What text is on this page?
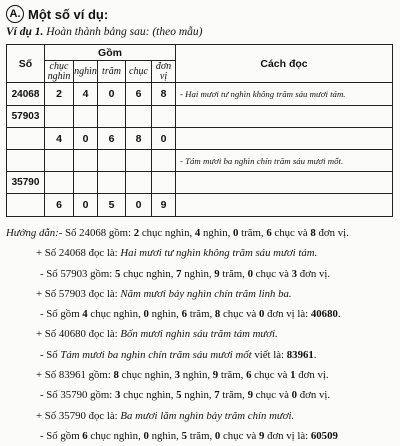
A. Một số ví dụ:
Ví dụ 1. Hoàn thành bảng sau: (theo mẫu)
Số	Gồm					Cách đọc
	chục nghìn	nghìn	trăm	chục	đơn vị	
24068	2	4	0	6	8	- Hai mươi tư nghìn không trăm sáu mươi tám.
57903						
	4	0	6	8	0	
						- Tám mươi ba nghìn chín trăm sáu mươi mốt.
35790						
	6	0	5	0	9	
Hướng dẫn:- Số 24068 gồm: 2 chục nghìn, 4 nghìn, 0 trăm, 6 chục và 8 đơn vị.
+ Số 24068 đọc là: Hai mươi tư nghìn không trăm sáu mươi tám.
- Số 57903 gồm: 5 chục nghìn, 7 nghìn, 9 trăm, 0 chục và 3 đơn vị.
+ Số 57903 đọc là: Năm mươi bảy nghìn chín trăm linh ba.
- Số gồm 4 chục nghìn, 0 nghìn, 6 trăm, 8 chục và 0 đơn vị là: 40680.
+ Số 40680 đọc là: Bốn mươi nghìn sáu trăm tám mươi.
- Số Tám mươi ba nghìn chín trăm sáu mươi mốt viết là: 83961.
+ Số 83961 gồm: 8 chục nghìn, 3 nghìn, 9 trăm, 6 chục và 1 đơn vị.
- Số 35790 gồm: 3 chục nghìn, 5 nghìn, 7 trăm, 9 chục và 0 đơn vị.
+ Số 35790 đọc là: Ba mươi lăm nghìn bảy trăm chín mươi.
- Số gồm 6 chục nghìn, 0 nghìn, 5 trăm, 0 chục và 9 đơn vị là: 60509
